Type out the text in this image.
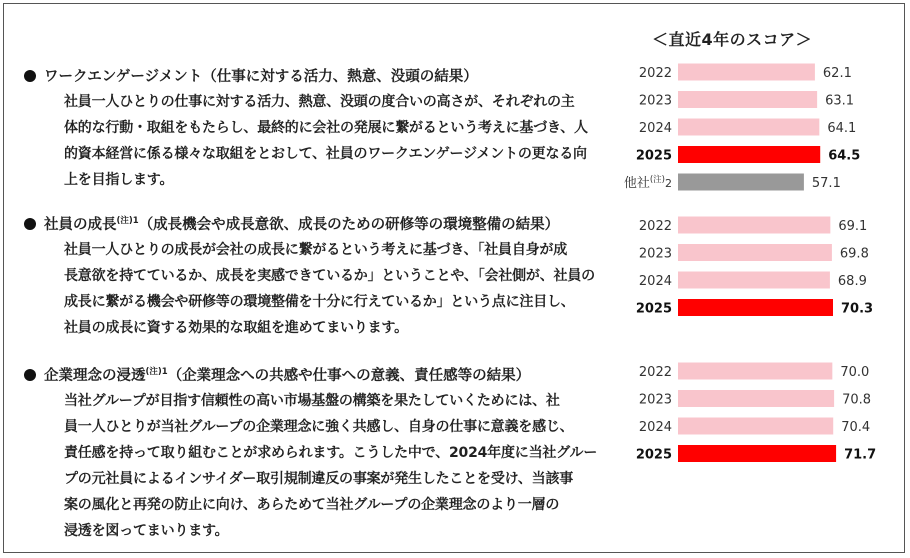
＜直近4年のスコア＞
ワークエンゲージメント（仕事に対する活力、熱意、没頭の結果）
社員一人ひとりの仕事に対する活力、熱意、没頭の度合いの高さが、それぞれの主
体的な行動・取組をもたらし、最終的に会社の発展に繋がるという考えに基づき、人
的資本経営に係る様々な取組をとおして、社員のワークエンゲージメントの更なる向
上を目指します。
社員の成長$^{(注)1}$（成長機会や成長意欲、成長のための研修等の環境整備の結果）
社員一人ひとりの成長が会社の成長に繋がるという考えに基づき、「社員自身が成
長意欲を持てているか、成長を実感できているか」ということや、「会社側が、社員の
成長に繋がる機会や研修等の環境整備を十分に行えているか」という点に注目し、
社員の成長に資する効果的な取組を進めてまいります。
企業理念の浸透$^{(注)1}$（企業理念への共感や仕事への意義、責任感等の結果）
当社グループが目指す信頼性の高い市場基盤の構築を果たしていくためには、社
員一人ひとりが当社グループの企業理念に強く共感し、自身の仕事に意義を感じ、
責任感を持って取り組むことが求められます。こうした中で、2024年度に当社グルー
プの元社員によるインサイダー取引規制違反の事案が発生したことを受け、当該事
案の風化と再発の防止に向け、あらためて当社グループの企業理念のより一層の
浸透を図ってまいります。
2022	62.1
2023	63.1
2024	64.1
2025	64.5
他社$^{(注)}_2$	57.1
2022	69.1
2023	69.8
2024	68.9
2025	70.3
2022	70.0
2023	70.8
2024	70.4
2025	71.7
